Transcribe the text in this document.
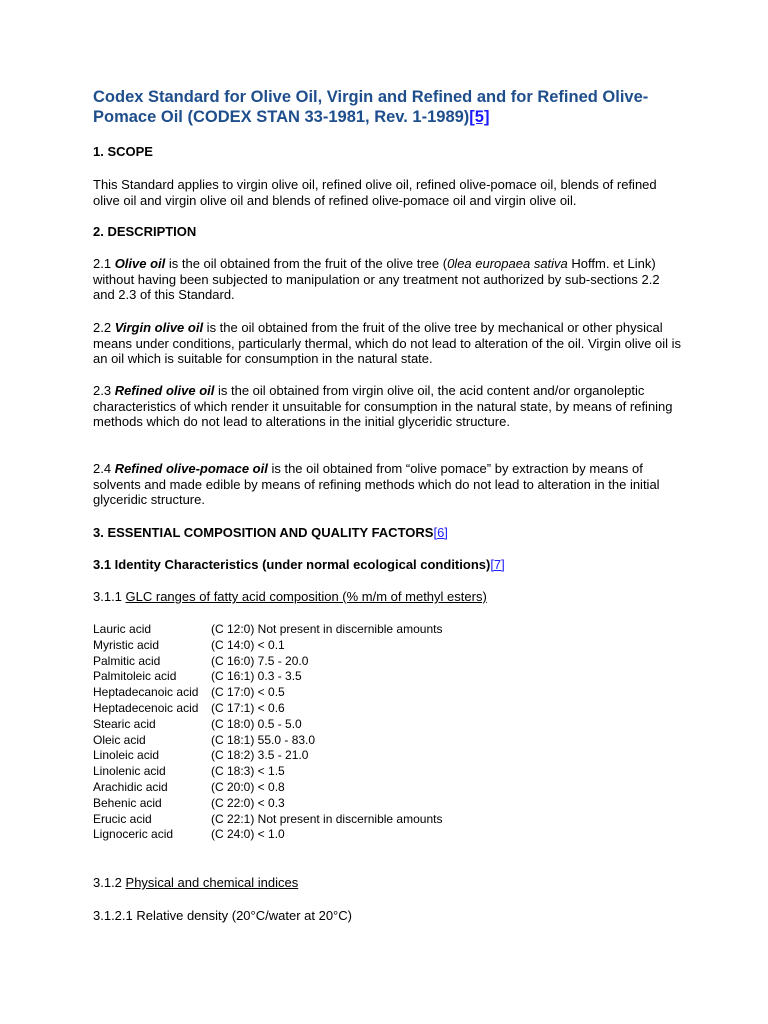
Codex Standard for Olive Oil, Virgin and Refined and for Refined Olive-Pomace Oil (CODEX STAN 33-1981, Rev. 1-1989)[5]
1. SCOPE

This Standard applies to virgin olive oil, refined olive oil, refined olive-pomace oil, blends of refined olive oil and virgin olive oil and blends of refined olive-pomace oil and virgin olive oil.

2. DESCRIPTION

2.1 Olive oil is the oil obtained from the fruit of the olive tree (0lea europaea sativa Hoffm. et Link) without having been subjected to manipulation or any treatment not authorized by sub-sections 2.2 and 2.3 of this Standard.

2.2 Virgin olive oil is the oil obtained from the fruit of the olive tree by mechanical or other physical means under conditions, particularly thermal, which do not lead to alteration of the oil. Virgin olive oil is an oil which is suitable for consumption in the natural state.

2.3 Refined olive oil is the oil obtained from virgin olive oil, the acid content and/or organoleptic characteristics of which render it unsuitable for consumption in the natural state, by means of refining methods which do not lead to alterations in the initial glyceridic structure.

2.4 Refined olive-pomace oil is the oil obtained from “olive pomace” by extraction by means of solvents and made edible by means of refining methods which do not lead to alteration in the initial glyceridic structure.

3. ESSENTIAL COMPOSITION AND QUALITY FACTORS[6]
3.1 Identity Characteristics (under normal ecological conditions)[7]

3.1.1 GLC ranges of fatty acid composition (% m/m of methyl esters)

Lauric acid	(C 12:0) Not present in discernible amounts
Myristic acid	(C 14:0) < 0.1
Palmitic acid	(C 16:0) 7.5 - 20.0
Palmitoleic acid	(C 16:1) 0.3 - 3.5
Heptadecanoic acid	(C 17:0) < 0.5
Heptadecenoic acid	(C 17:1) < 0.6
Stearic acid	(C 18:0) 0.5 - 5.0
Oleic acid	(C 18:1) 55.0 - 83.0
Linoleic acid	(C 18:2) 3.5 - 21.0
Linolenic acid	(C 18:3) < 1.5
Arachidic acid	(C 20:0) < 0.8
Behenic acid	(C 22:0) < 0.3
Erucic acid	(C 22:1) Not present in discernible amounts
Lignoceric acid	(C 24:0) < 1.0

3.1.2 Physical and chemical indices

3.1.2.1 Relative density (20°C/water at 20°C)
